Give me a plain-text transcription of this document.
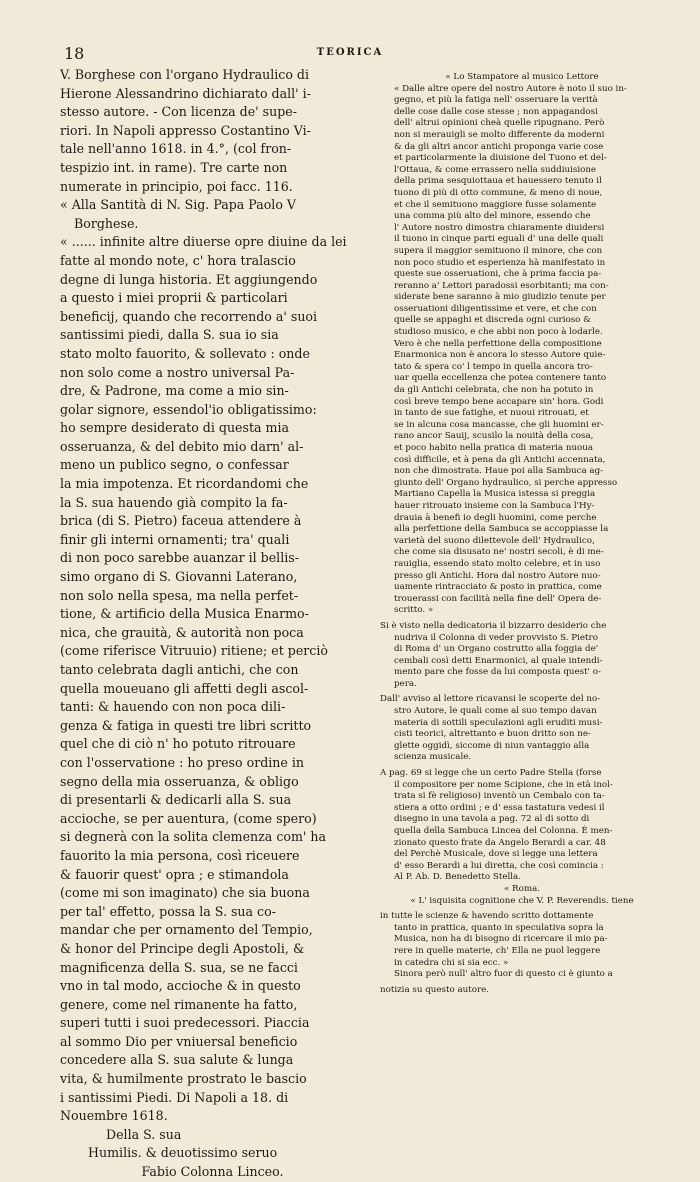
18	TEORICA
V. Borghese con l'organo Hydraulico di
Hierone Alessandrino dichiarato dall' i-
stesso autore. - Con licenza de' supe-
riori. In Napoli appresso Costantino Vi-
tale nell'anno 1618. in 4.°, (col fron-
tespizio int. in rame). Tre carte non
numerate in principio, poi facc. 116.
« Alla Santità di N. Sig. Papa Paolo V
Borghese.
« ...... infinite altre diuerse opre diuine da lei
fatte al mondo note, c' hora tralascio
degne di lunga historia. Et aggiungendo
a questo i miei proprii & particolari
beneficij, quando che recorrendo a' suoi
santissimi piedi, dalla S. sua io sia
stato molto fauorito, & sollevato : onde
non solo come a nostro universal Pa-
dre, & Padrone, ma come a mio sin-
golar signore, essendol'io obligatissimo:
ho sempre desiderato di questa mia
osseruanza, & del debito mio darn' al-
meno un publico segno, o confessar
la mia impotenza. Et ricordandomi che
la S. sua hauendo già compito la fa-
brica (di S. Pietro) faceua attendere à
finir gli interni ornamenti; tra' quali
di non poco sarebbe auanzar il bellis-
simo organo di S. Giovanni Laterano,
non solo nella spesa, ma nella perfet-
tione, & artificio della Musica Enarmo-
nica, che grauità, & autorità non poca
(come riferisce Vitruuio) ritiene; et perciò
tanto celebrata dagli antichi, che con
quella moueuano gli affetti degli ascol-
tanti: & hauendo con non poca dili-
genza & fatiga in questi tre libri scritto
quel che di ciò n' ho potuto ritrouare
con l'osservatione : ho preso ordine in
segno della mia osseruanza, & obligo
di presentarli & dedicarli alla S. sua
accioche, se per auentura, (come spero)
si degnerà con la solita clemenza com' ha
fauorito la mia persona, così riceuere
& fauorir quest' opra ; e stimandola
(come mi son imaginato) che sia buona
per tal' effetto, possa la S. sua co-
mandar che per ornamento del Tempio,
& honor del Principe degli Apostoli, &
magnificenza della S. sua, se ne facci
vno in tal modo, accioche & in questo
genere, come nel rimanente ha fatto,
superi tutti i suoi predecessori. Piaccia
al sommo Dio per vniuersal beneficio
concedere alla S. sua salute & lunga
vita, & humilmente prostrato le bascio
i santissimi Piedi. Di Napoli a 18. di
Nouembre 1618.
Della S. sua
Humilis. & deuotissimo seruo
Fabio Colonna Linceo.
« Lo Stampatore al musico Lettore
« Dalle altre opere del nostro Autore è noto il suo in-
gegno, et più la fatiga nell' osseruare la verità
delle cose dalle cose stesse ; non appagandosi
dell' altrui opinioni cheà quelle ripugnano. Però
non si merauigli se molto differente da moderni
& da gli altri ancor antichi proponga varie cose
et particolarmente la diuisione del Tuono et del-
l'Ottaua, & come errassero nella suddiuisione
della prima sesquiottaua et hauessero tenuto il
tuono di più di otto commune, & meno di noue,
et che il semituono maggiore fusse solamente
una comma più alto del minore, essendo che
l' Autore nostro dimostra chiaramente diuidersi
il tuono in cinque parti eguali d' una delle quali
supera il maggior semituono il minore, che con
non poco studio et esperienza hà manifestato in
queste sue osseruationi, che à prima faccia pa-
reranno a' Lettori paradossi esorbitanti; ma con-
siderate bene saranno à mio giudizio tenute per
osseruationi diligentissime et vere, et che con
quelle se appaghi et discreda ogni curioso &
studioso musico, e che abbi non poco à lodarle.
Vero è che nella perfettione della compositione
Enarmonica non è ancora lo stesso Autore quie-
tato & spera co' l tempo in quella ancora tro-
uar quella eccellenza che potea contenere tanto
da gli Antichi celebrata, che non ha potuto in
così breve tempo bene accapare sin' hora. Godi
in tanto de sue fatighe, et nuoui ritrouati, et
se in alcuna cosa mancasse, che gli huomini er-
rano ancor Sauij, scusilo la nouità della cosa,
et poco habito nella pratica di materia nuoua
così difficile, et à pena da gli Antichi accennata,
non che dimostrata. Haue poi alla Sambuca ag-
giunto dell' Organo hydraulico, si perche appresso
Martiano Capella la Musica istessa si preggia
hauer ritrouato insieme con la Sambuca l'Hy-
drauia à benefi io degli huomini, come perche
alla perfettione della Sambuca se accoppiasse la
varietà del suono dilettevole dell' Hydraulico,
che come sia disusato ne' nostri secoli, è di me-
rauiglia, essendo stato molto celebre, et in uso
presso gli Antichi. Hora dal nostro Autore nuo-
uamente rintracciato & posto in prattica, come
trouerassi con facilità nella fine dell' Opera de-
scritto. »
Si è visto nella dedicatoria il bizzarro desiderio che
nudriva il Colonna di veder provvisto S. Pietro
di Roma d' un Organo costrutto alla foggia de'
cembali così detti Enarmonici, al quale intendi-
mento pare che fosse da lui composta quest' o-
pera.
Dall' avviso al lettore ricavansi le scoperte del no-
stro Autore, le quali come al suo tempo davan
materia di sottili speculazioni agli eruditi musi-
cisti teorici, altrettanto e buon dritto son ne-
glette oggidì, siccome di niun vantaggio alla
scienza musicale.
A pag. 69 si legge che un certo Padre Stella (forse
il compositore per nome Scipione, che in età inol-
trata si fè religioso) inventò un Cembalo con ta-
stiera a otto ordini ; e d' essa tastatura vedesi il
disegno in una tavola a pag. 72 al di sotto di
quella della Sambuca Lincea del Colonna. È men-
zionato questo frate da Angelo Berardi a car. 48
del Perchè Musicale, dove si legge una lettera
d' esso Berardi a lui diretta, che così comincia :
Al P. Ab. D. Benedetto Stella.
« Roma.
« L' isquisita cognitione che V. P. Reverendis. tiene
in tutte le scienze & havendo scritto dottamente
tanto in prattica, quanto in speculativa sopra la
Musica, non ha di bisogno di ricercare il mio pa-
rere in quelle materie, ch' Ella ne puol leggere
in catedra chi si sia ecc. »
Sinora però null' altro fuor di questo ci è giunto a
notizia su questo autore.
